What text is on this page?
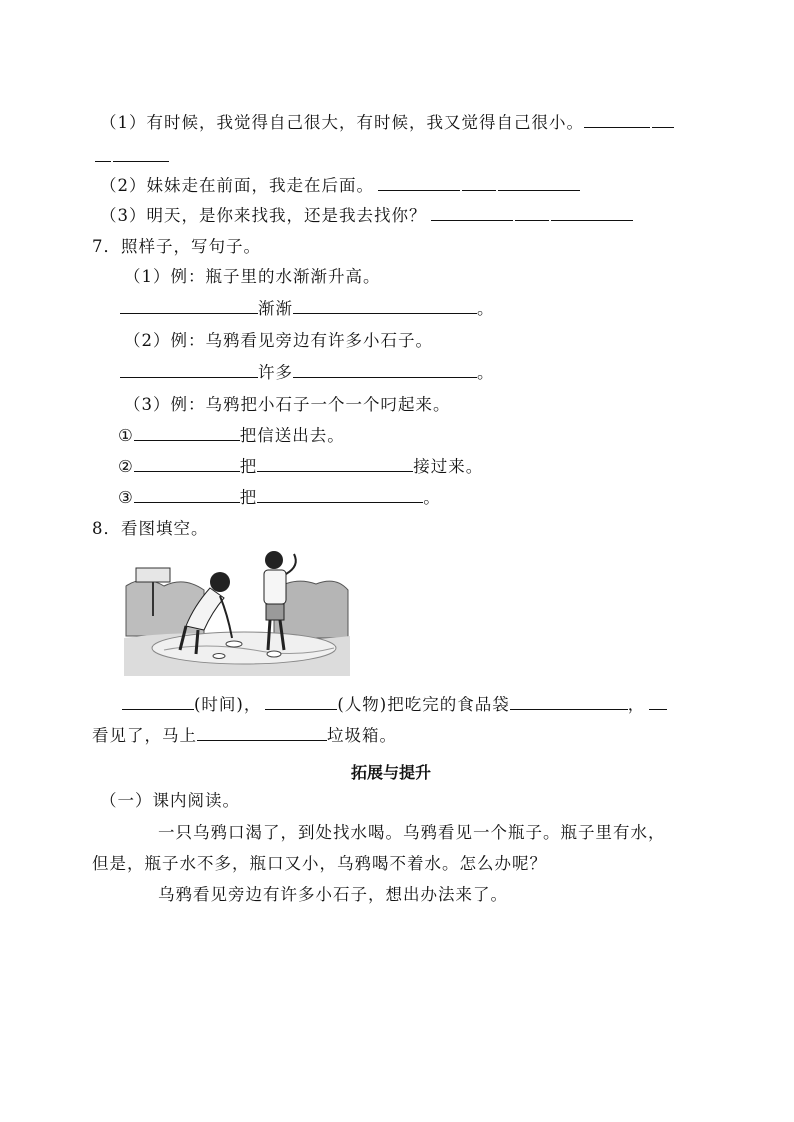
（1）有时候，我觉得自己很大，有时候，我又觉得自己很小。
（2）妹妹走在前面，我走在后面。
（3）明天，是你来找我，还是我去找你？
7．照样子，写句子。
（1）例：瓶子里的水渐渐升高。
渐渐	。
（2）例：乌鸦看见旁边有许多小石子。
许多	。
（3）例：乌鸦把小石子一个一个叼起来。
①	把信送出去。
②	把	接过来。
③	把	。
8．看图填空。
(时间)，	(人物)把吃完的食品袋	，
看见了，马上	垃圾箱。
拓展与提升
（一）课内阅读。
一只乌鸦口渴了，到处找水喝。乌鸦看见一个瓶子。瓶子里有水，
但是，瓶子水不多，瓶口又小，乌鸦喝不着水。怎么办呢？
乌鸦看见旁边有许多小石子，想出办法来了。
